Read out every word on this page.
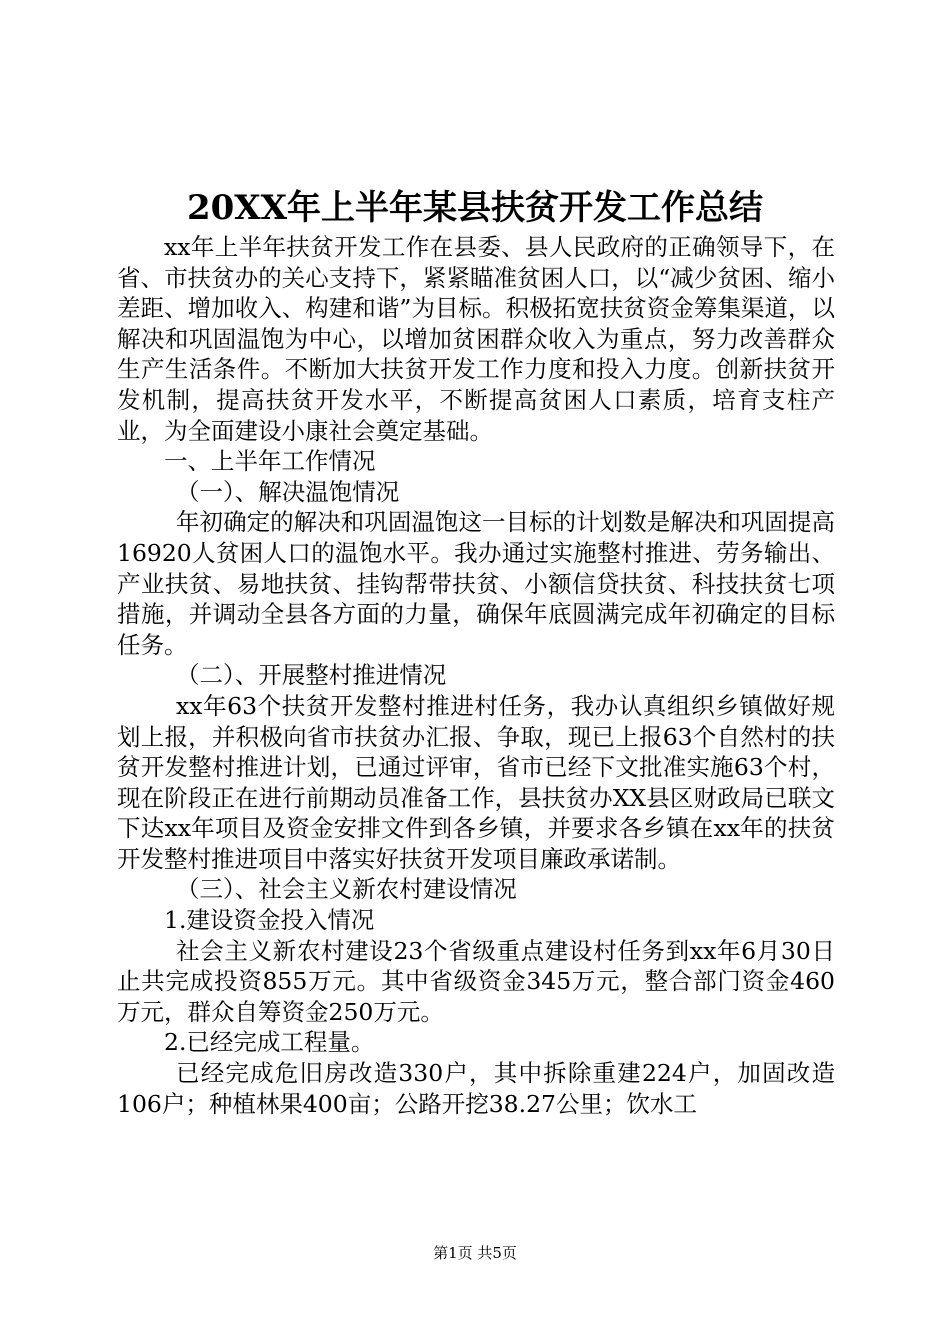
20XX年上半年某县扶贫开发工作总结

xx年上半年扶贫开发工作在县委、县人民政府的正确领导下，在省、市扶贫办的关心支持下，紧紧瞄准贫困人口，以“减少贫困、缩小差距、增加收入、构建和谐”为目标。积极拓宽扶贫资金筹集渠道，以解决和巩固温饱为中心，以增加贫困群众收入为重点，努力改善群众生产生活条件。不断加大扶贫开发工作力度和投入力度。创新扶贫开发机制，提高扶贫开发水平，不断提高贫困人口素质，培育支柱产业，为全面建设小康社会奠定基础。

一、上半年工作情况

（一）、解决温饱情况

年初确定的解决和巩固温饱这一目标的计划数是解决和巩固提高16920人贫困人口的温饱水平。我办通过实施整村推进、劳务输出、产业扶贫、易地扶贫、挂钩帮带扶贫、小额信贷扶贫、科技扶贫七项措施，并调动全县各方面的力量，确保年底圆满完成年初确定的目标任务。

（二）、开展整村推进情况

xx年63个扶贫开发整村推进村任务，我办认真组织乡镇做好规划上报，并积极向省市扶贫办汇报、争取，现已上报63个自然村的扶贫开发整村推进计划，已通过评审，省市已经下文批准实施63个村，现在阶段正在进行前期动员准备工作，县扶贫办XX县区财政局已联文下达xx年项目及资金安排文件到各乡镇，并要求各乡镇在xx年的扶贫开发整村推进项目中落实好扶贫开发项目廉政承诺制。

（三）、社会主义新农村建设情况

1.建设资金投入情况

社会主义新农村建设23个省级重点建设村任务到xx年6月30日止共完成投资855万元。其中省级资金345万元，整合部门资金460万元，群众自筹资金250万元。

2.已经完成工程量。

已经完成危旧房改造330户，其中拆除重建224户，加固改造106户；种植林果400亩；公路开挖38.27公里；饮水工

第1页 共5页
